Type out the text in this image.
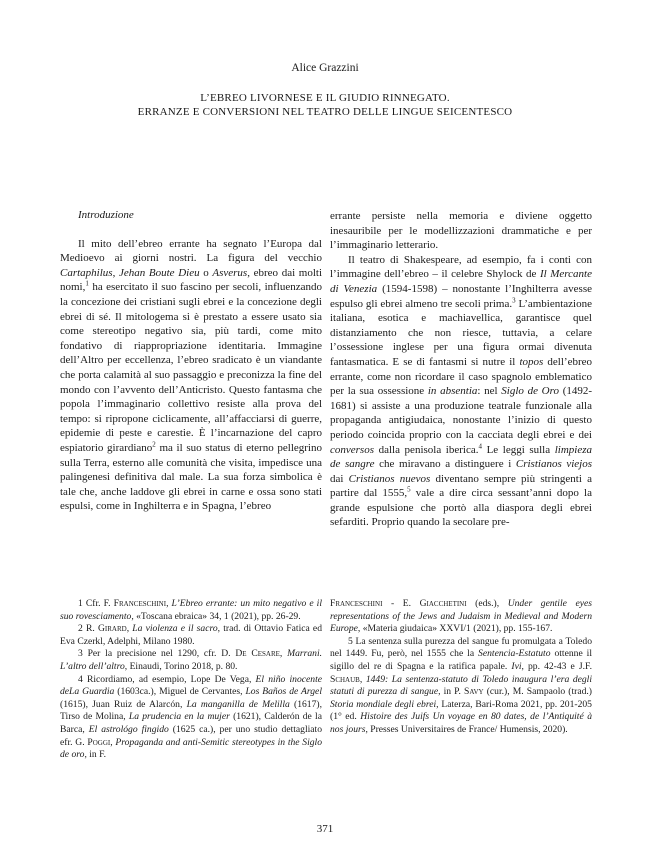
Alice Grazzini
L’EBREO LIVORNESE E IL GIUDIO RINNEGATO.
ERRANZE E CONVERSIONI NEL TEATRO DELLE LINGUE SEICENTESCO

Introduzione

Il mito dell’ebreo errante ha segnato l’Europa dal Medioevo ai giorni nostri. La figura del vecchio Cartaphilus, Jehan Boute Dieu o Asverus, ebreo dai molti nomi,$^1$ ha esercitato il suo fascino per secoli, influenzando la concezione dei cristiani sugli ebrei e la concezione degli ebrei di sé. Il mitologema si è prestato a essere usato sia come stereotipo negativo sia, più tardi, come mito fondativo di riappropriazione identitaria. Immagine dell’Altro per eccellenza, l’ebreo sradicato è un viandante che porta calamità al suo passaggio e preconizza la fine del mondo con l’avvento dell’Anticristo. Questo fantasma che popola l’immaginario collettivo resiste alla prova del tempo: si ripropone ciclicamente, all’affacciarsi di guerre, epidemie di peste e carestie. È l’incarnazione del capro espiatorio girardiano$^2$ ma il suo status di eterno pellegrino sulla Terra, esterno alle comunità che visita, impedisce una palingenesi definitiva dal male. La sua forza simbolica è tale che, anche laddove gli ebrei in carne e ossa sono stati espulsi, come in Inghilterra e in Spagna, l’ebreo

errante persiste nella memoria e diviene oggetto inesauribile per le modellizzazioni drammatiche e per l’immaginario letterario.

Il teatro di Shakespeare, ad esempio, fa i conti con l’immagine dell’ebreo – il celebre Shylock de Il Mercante di Venezia (1594-1598) – nonostante l’Inghilterra avesse espulso gli ebrei almeno tre secoli prima.$^3$ L’ambientazione italiana, esotica e machiavellica, garantisce quel distanziamento che non riesce, tuttavia, a celare l’ossessione inglese per una figura ormai divenuta fantasmatica. E se di fantasmi si nutre il topos dell’ebreo errante, come non ricordare il caso spagnolo emblematico per la sua ossessione in absentia: nel Siglo de Oro (1492-1681) si assiste a una produzione teatrale funzionale alla propaganda antigiudaica, nonostante l’inizio di questo periodo coincida proprio con la cacciata degli ebrei e dei conversos dalla penisola iberica.$^4$ Le leggi sulla limpieza de sangre che miravano a distinguere i Cristianos viejos dai Cristianos nuevos diventano sempre più stringenti a partire dal 1555,$^5$ vale a dire circa sessant’anni dopo la grande espulsione che portò alla diaspora degli ebrei sefarditi. Proprio quando la secolare pre-

1 Cfr. F. Franceschini, L’Ebreo errante: un mito negativo e il suo rovesciamento, «Toscana ebraica» 34, 1 (2021), pp. 26-29.

2 R. Girard, La violenza e il sacro, trad. di Ottavio Fatica ed Eva Czerkl, Adelphi, Milano 1980.

3 Per la precisione nel 1290, cfr. D. De Cesare, Marrani. L’altro dell’altro, Einaudi, Torino 2018, p. 80.

4 Ricordiamo, ad esempio, Lope De Vega, El niño inocente deLa Guardia (1603ca.), Miguel de Cervantes, Los Baños de Argel (1615), Juan Ruiz de Alarcón, La manganilla de Melilla (1617), Tirso de Molina, La prudencia en la mujer (1621), Calderón de la Barca, El astrológo fingido (1625 ca.), per uno studio dettagliato efr. G. Poggi, Propaganda and anti-Semitic stereotypes in the Siglo de oro, in F.

Franceschini - E. Giacchetini (eds.), Under gentile eyes representations of the Jews and Judaism in Medieval and Modern Europe, «Materia giudaica» XXVI/1 (2021), pp. 155-167.

5 La sentenza sulla purezza del sangue fu promulgata a Toledo nel 1449. Fu, però, nel 1555 che la Sentencia-Estatuto ottenne il sigillo del re di Spagna e la ratifica papale. Ivi, pp. 42-43 e J.F. Schaub, 1449: La sentenza-statuto di Toledo inaugura l’era degli statuti di purezza di sangue, in P. Savy (cur.), M. Sampaolo (trad.) Storia mondiale degli ebrei, Laterza, Bari-Roma 2021, pp. 201-205 (1° ed. Histoire des Juifs Un voyage en 80 dates, de l’Antiquité à nos jours, Presses Universitaires de France/ Humensis, 2020).

371
